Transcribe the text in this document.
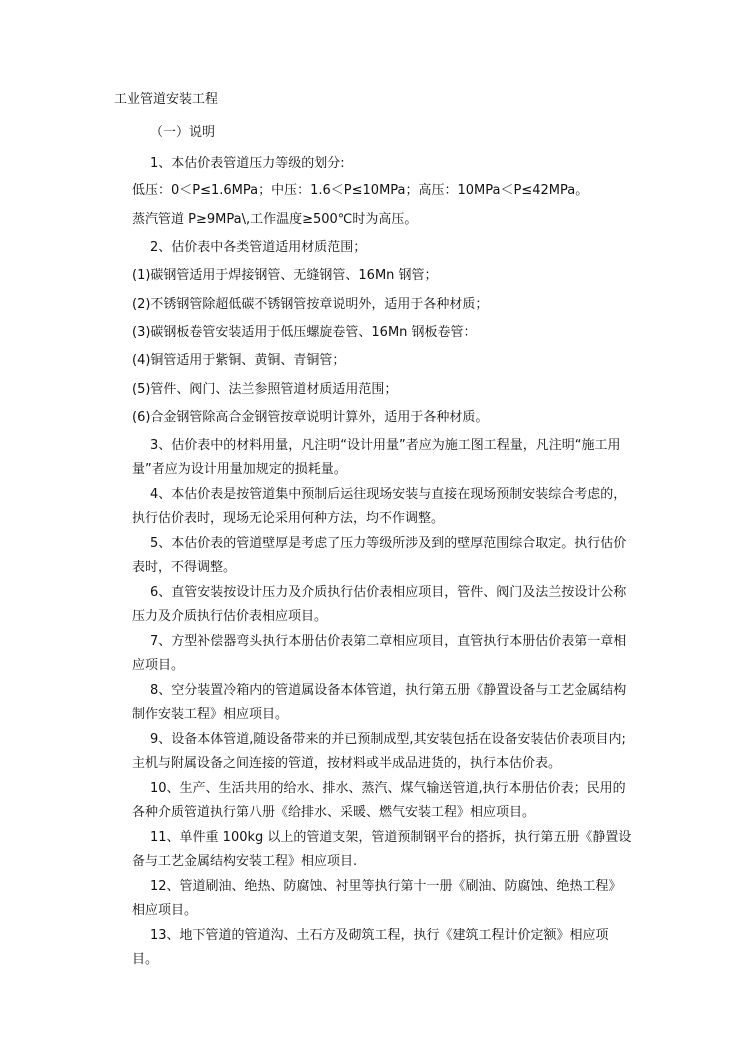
工业管道安装工程
（一）说明
1、本估价表管道压力等级的划分:
低压：0＜P≤1.6MPa；中压：1.6＜P≤10MPa；高压：10MPa＜P≤42MPa。
蒸汽管道 P≥9MPa\,工作温度≥500℃时为高压。
2、估价表中各类管道适用材质范围；
(1)碳钢管适用于焊接钢管、无缝钢管、16Mn 钢管；
(2)不锈钢管除超低碳不锈钢管按章说明外，适用于各种材质；
(3)碳钢板卷管安装适用于低压螺旋卷管、16Mn 钢板卷管：
(4)铜管适用于紫铜、黄铜、青铜管；
(5)管件、阀门、法兰参照管道材质适用范围；
(6)合金钢管除高合金钢管按章说明计算外，适用于各种材质。
3、估价表中的材料用量，凡注明“设计用量”者应为施工图工程量，凡注明“施工用量”者应为设计用量加规定的损耗量。
4、本估价表是按管道集中预制后运往现场安装与直接在现场预制安装综合考虑的，执行估价表时，现场无论采用何种方法，均不作调整。
5、本估价表的管道壁厚是考虑了压力等级所涉及到的壁厚范围综合取定。执行估价表时，不得调整。
6、直管安装按设计压力及介质执行估价表相应项目，管件、阀门及法兰按设计公称压力及介质执行估价表相应项目。
7、方型补偿器弯头执行本册估价表第二章相应项目，直管执行本册估价表第一章相应项目。
8、空分装置冷箱内的管道属设备本体管道，执行第五册《静置设备与工艺金属结构制作安装工程》相应项目。
9、设备本体管道,随设备带来的并已预制成型,其安装包括在设备安装估价表项目内;主机与附属设备之间连接的管道，按材料或半成品进货的，执行本估价表。
10、生产、生活共用的给水、排水、蒸汽、煤气输送管道,执行本册估价表；民用的各种介质管道执行第八册《给排水、采暖、燃气安装工程》相应项目。
11、单件重 100kg 以上的管道支架，管道预制钢平台的搭拆，执行第五册《静置设备与工艺金属结构安装工程》相应项目.
12、管道刷油、绝热、防腐蚀、衬里等执行第十一册《刷油、防腐蚀、绝热工程》相应项目。
13、地下管道的管道沟、土石方及砌筑工程，执行《建筑工程计价定额》相应项目。
